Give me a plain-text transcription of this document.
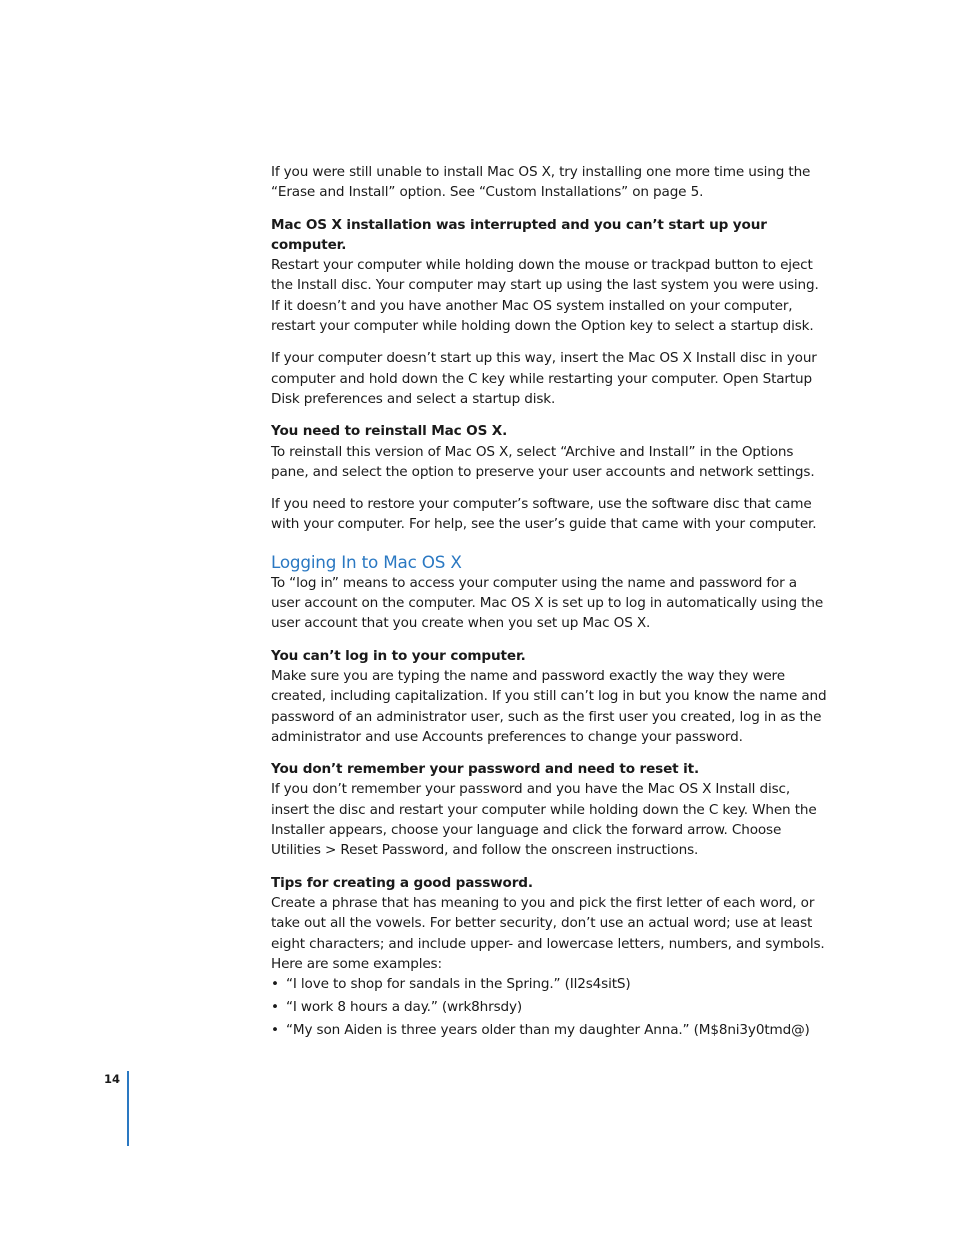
If you were still unable to install Mac OS X, try installing one more time using the “Erase and Install” option. See “Custom Installations” on page 5.

Mac OS X installation was interrupted and you can’t start up your computer.
Restart your computer while holding down the mouse or trackpad button to eject the Install disc. Your computer may start up using the last system you were using. If it doesn’t and you have another Mac OS system installed on your computer, restart your computer while holding down the Option key to select a startup disk.

If your computer doesn’t start up this way, insert the Mac OS X Install disc in your computer and hold down the C key while restarting your computer. Open Startup Disk preferences and select a startup disk.

You need to reinstall Mac OS X.
To reinstall this version of Mac OS X, select “Archive and Install” in the Options pane, and select the option to preserve your user accounts and network settings.

If you need to restore your computer’s software, use the software disc that came with your computer. For help, see the user’s guide that came with your computer.

Logging In to Mac OS X

To “log in” means to access your computer using the name and password for a user account on the computer. Mac OS X is set up to log in automatically using the user account that you create when you set up Mac OS X.

You can’t log in to your computer.
Make sure you are typing the name and password exactly the way they were created, including capitalization. If you still can’t log in but you know the name and password of an administrator user, such as the first user you created, log in as the administrator and use Accounts preferences to change your password.

You don’t remember your password and need to reset it.
If you don’t remember your password and you have the Mac OS X Install disc, insert the disc and restart your computer while holding down the C key. When the Installer appears, choose your language and click the forward arrow. Choose Utilities > Reset Password, and follow the onscreen instructions.

Tips for creating a good password.
Create a phrase that has meaning to you and pick the first letter of each word, or take out all the vowels. For better security, don’t use an actual word; use at least eight characters; and include upper- and lowercase letters, numbers, and symbols. Here are some examples:

• “I love to shop for sandals in the Spring.” (Il2s4sitS)
• “I work 8 hours a day.” (wrk8hrsdy)
• “My son Aiden is three years older than my daughter Anna.” (M$8ni3y0tmd@)
14
